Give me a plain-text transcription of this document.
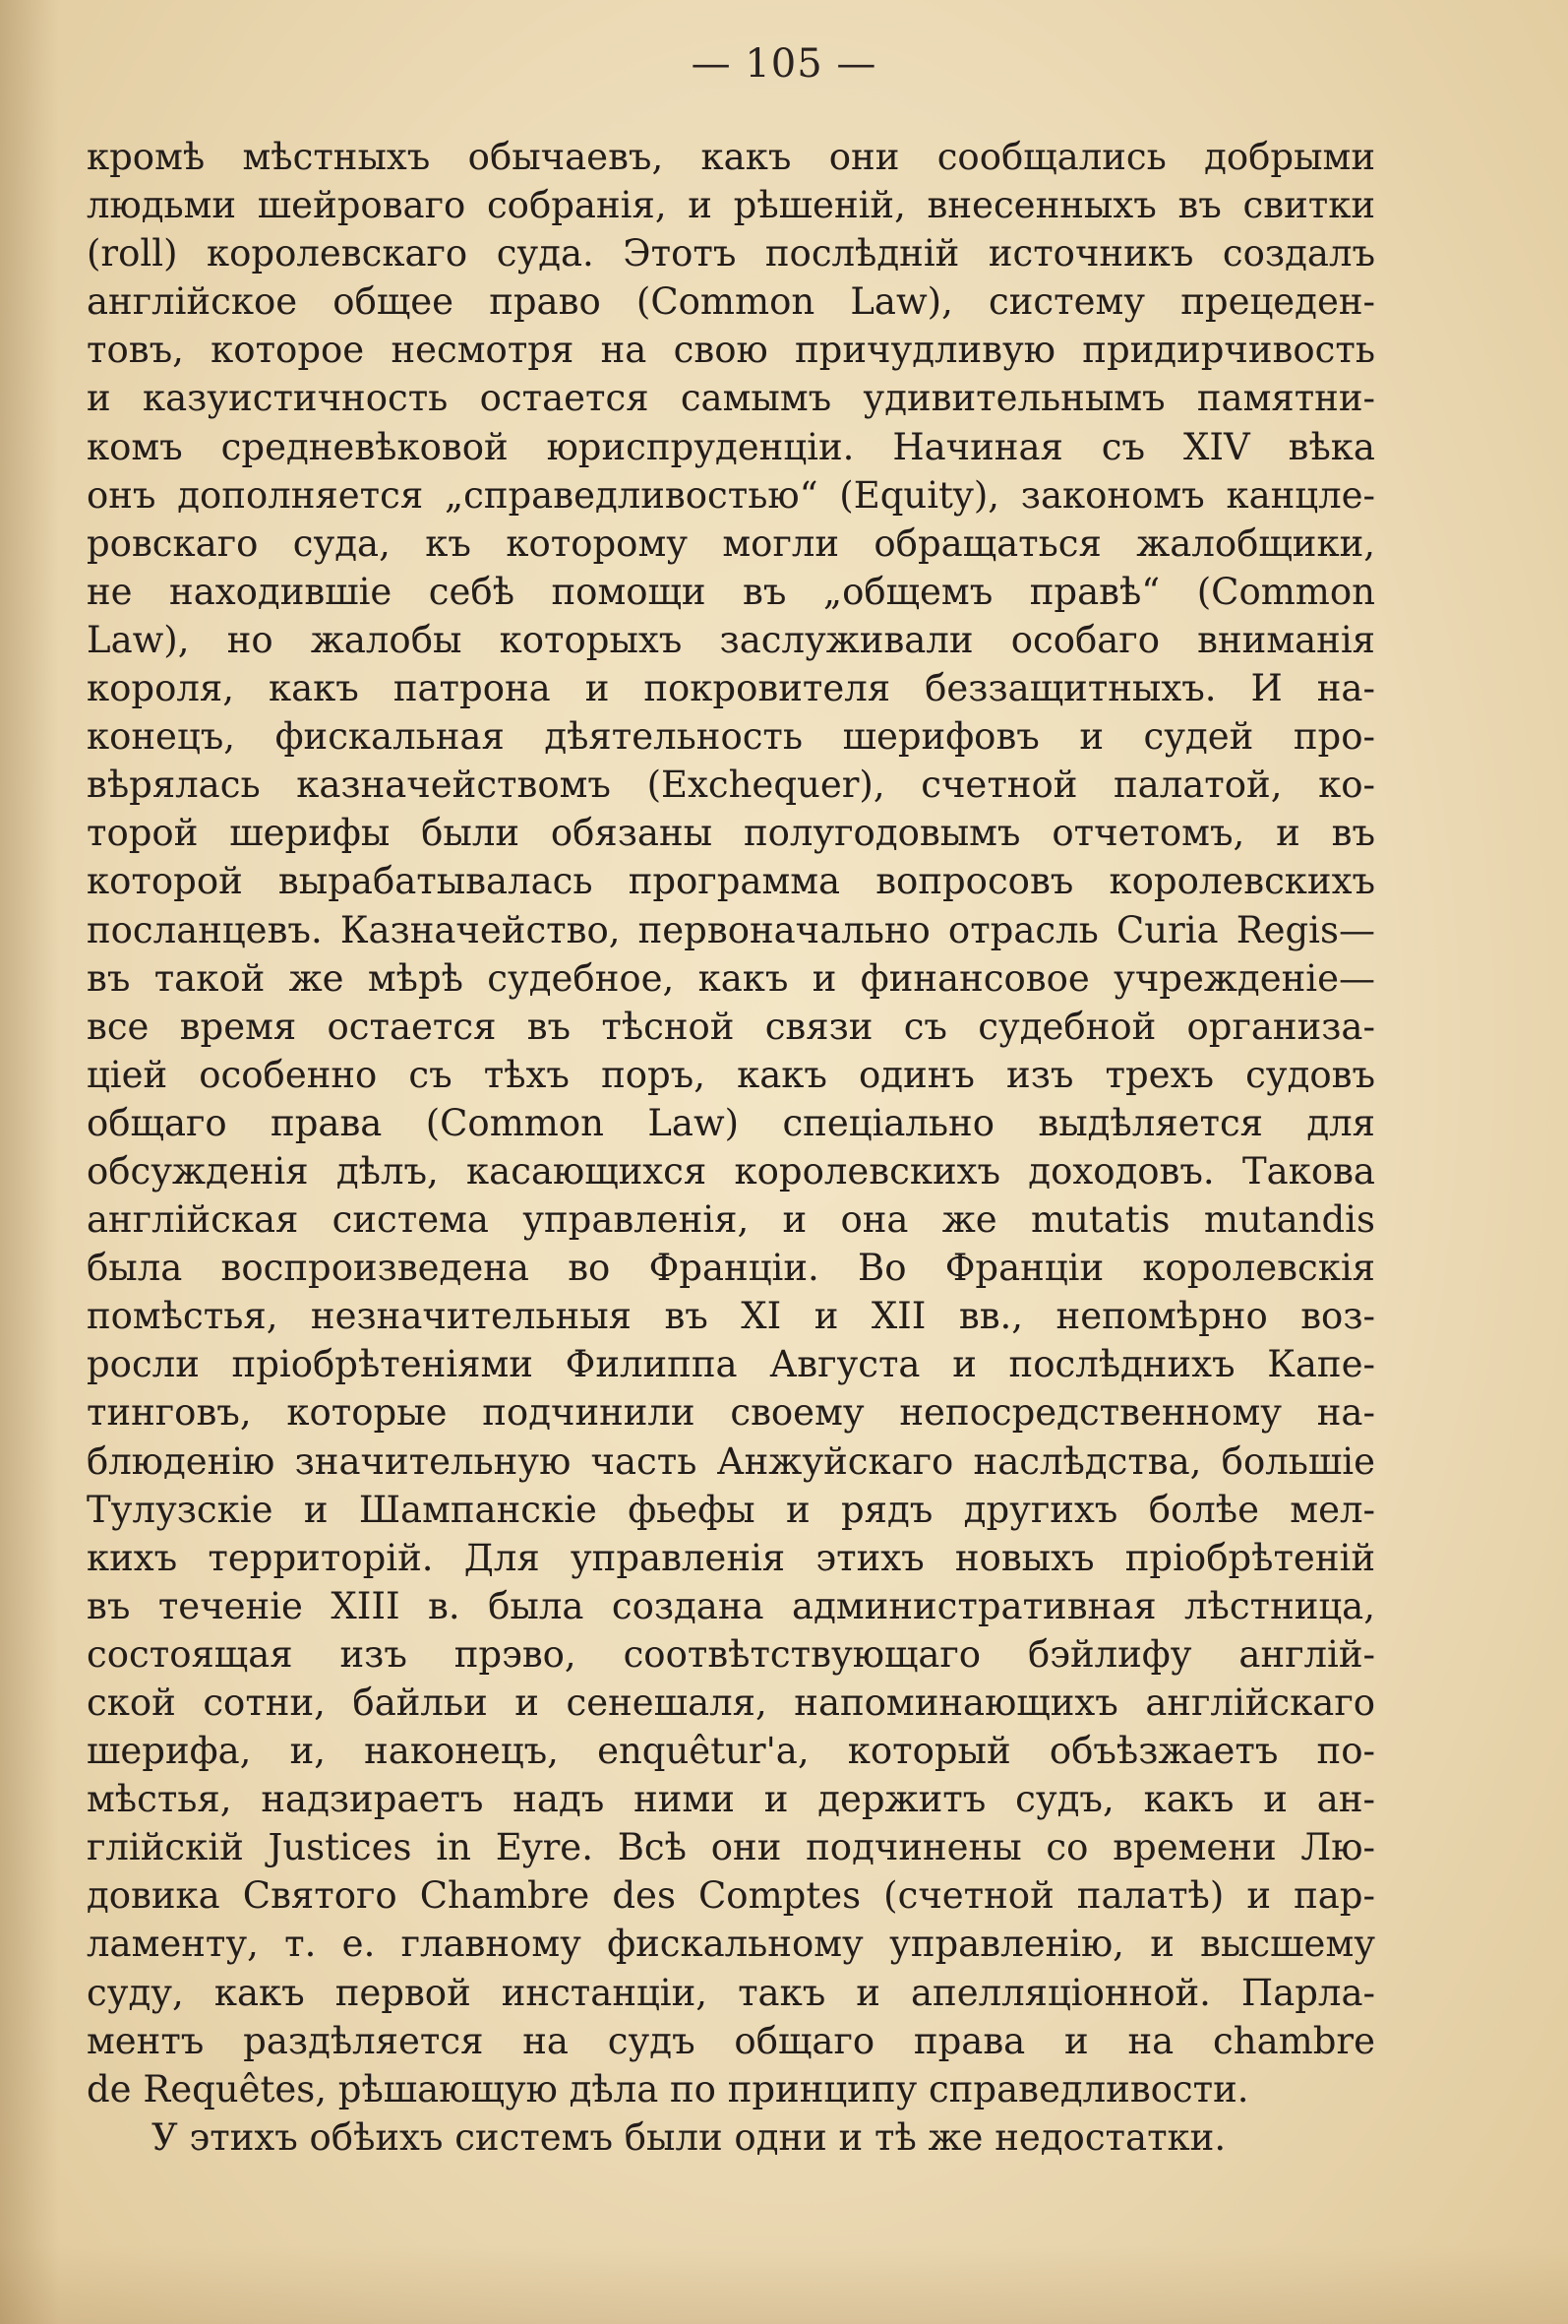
— 105 —
кромѣ мѣстныхъ обычаевъ, какъ они сообщались добрыми
людьми шейроваго собранія, и рѣшеній, внесенныхъ въ свитки
(roll) королевскаго суда. Этотъ послѣдній источникъ создалъ
англійское общее право (Common Law), систему прецеден-
товъ, которое несмотря на свою причудливую придирчивость
и казуистичность остается самымъ удивительнымъ памятни-
комъ средневѣковой юриспруденціи. Начиная съ XIV вѣка
онъ дополняется „справедливостью“ (Equity), закономъ канцле-
ровскаго суда, къ которому могли обращаться жалобщики,
не находившіе себѣ помощи въ „общемъ правѣ“ (Common
Law), но жалобы которыхъ заслуживали особаго вниманія
короля, какъ патрона и покровителя беззащитныхъ. И на-
конецъ, фискальная дѣятельность шерифовъ и судей про-
вѣрялась казначействомъ (Exchequer), счетной палатой, ко-
торой шерифы были обязаны полугодовымъ отчетомъ, и въ
которой вырабатывалась программа вопросовъ королевскихъ
посланцевъ. Казначейство, первоначально отрасль Curia Regis—
въ такой же мѣрѣ судебное, какъ и финансовое учрежденіе—
все время остается въ тѣсной связи съ судебной организа-
ціей особенно съ тѣхъ поръ, какъ одинъ изъ трехъ судовъ
общаго права (Common Law) спеціально выдѣляется для
обсужденія дѣлъ, касающихся королевскихъ доходовъ. Такова
англійская система управленія, и она же mutatis mutandis
была воспроизведена во Франціи. Во Франціи королевскія
помѣстья, незначительныя въ XI и XII вв., непомѣрно воз-
росли пріобрѣтеніями Филиппа Августа и послѣднихъ Капе-
тинговъ, которые подчинили своему непосредственному на-
блюденію значительную часть Анжуйскаго наслѣдства, большіе
Тулузскіе и Шампанскіе фьефы и рядъ другихъ болѣе мел-
кихъ территорій. Для управленія этихъ новыхъ пріобрѣтеній
въ теченіе XIII в. была создана административная лѣстница,
состоящая изъ прэво, соотвѣтствующаго бэйлифу англій-
ской сотни, байльи и сенешаля, напоминающихъ англійскаго
шерифа, и, наконецъ, enquêtur'a, который объѣзжаетъ по-
мѣстья, надзираетъ надъ ними и держитъ судъ, какъ и ан-
глійскій Justices in Eyre. Всѣ они подчинены со времени Лю-
довика Святого Chambre des Comptes (счетной палатѣ) и пар-
ламенту, т. е. главному фискальному управленію, и высшему
суду, какъ первой инстанціи, такъ и апелляціонной. Парла-
ментъ раздѣляется на судъ общаго права и на chambre
de Requêtes, рѣшающую дѣла по принципу справедливости.
У этихъ обѣихъ системъ были одни и тѣ же недостатки.
